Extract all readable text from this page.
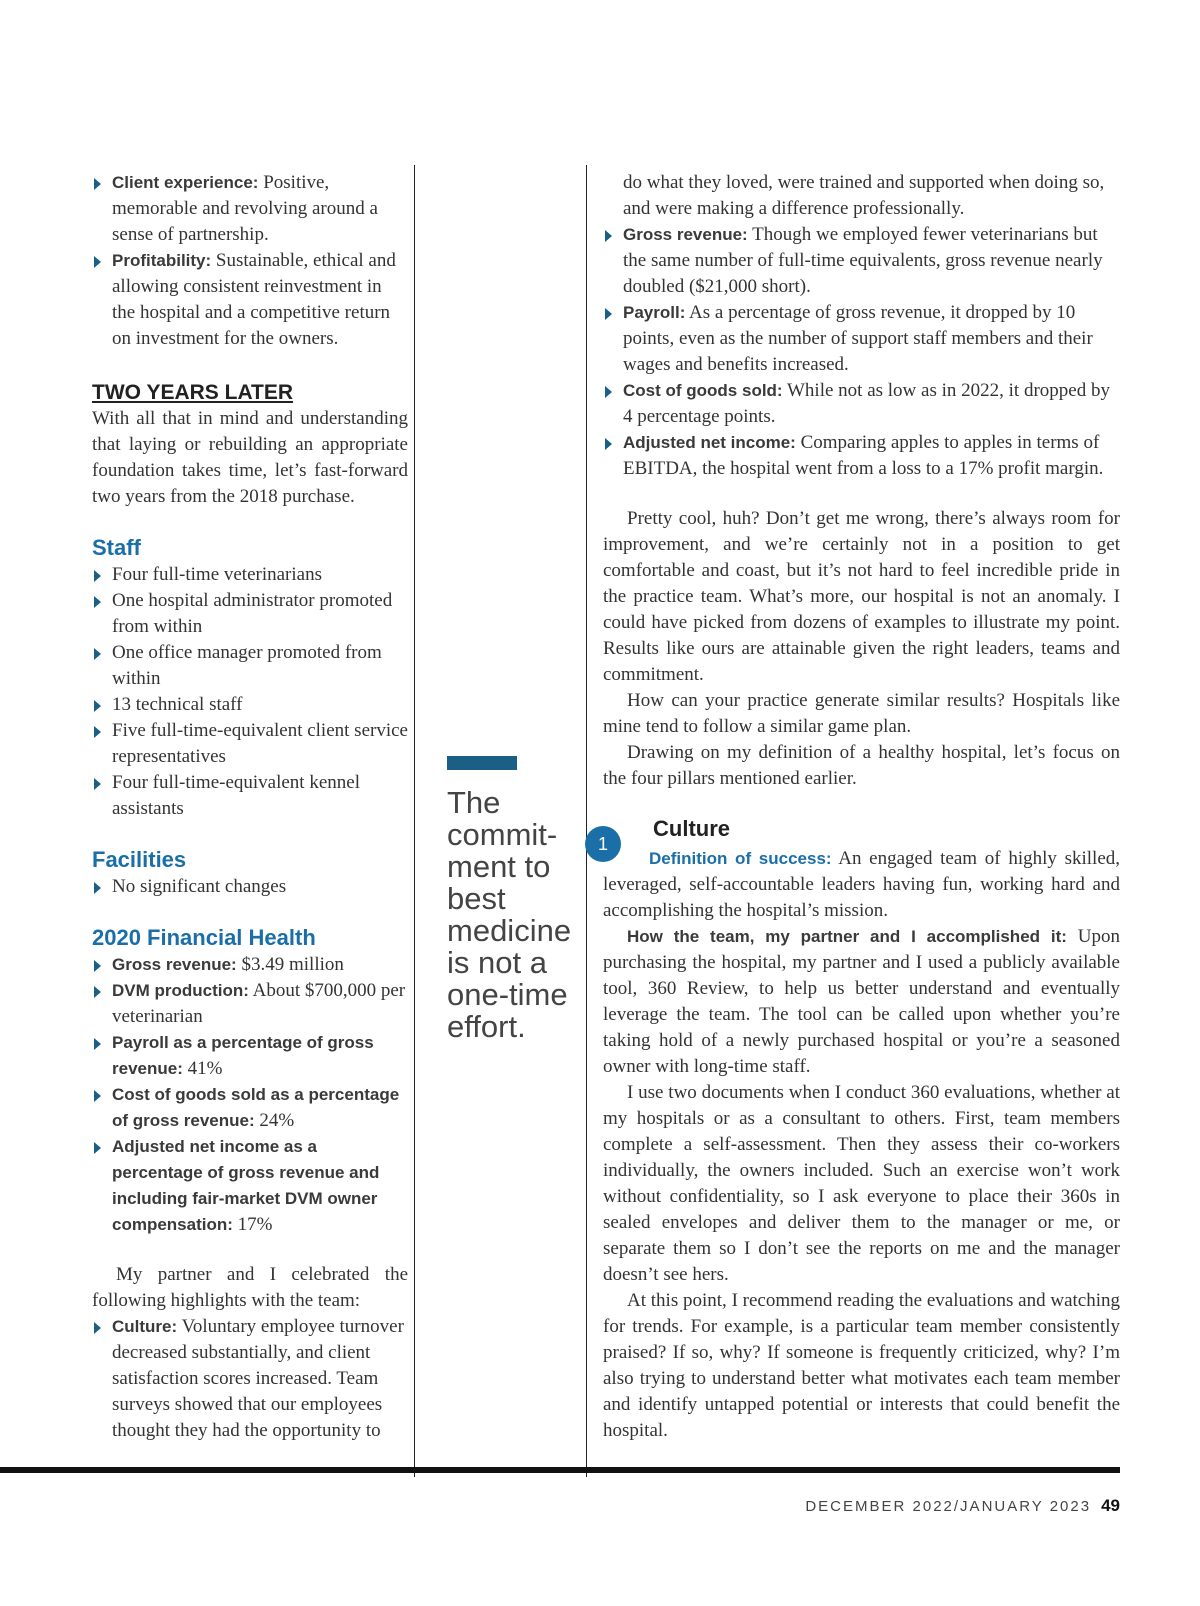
Client experience: Positive, memorable and revolving around a sense of partnership.
Profitability: Sustainable, ethical and allowing consistent reinvestment in the hospital and a competitive return on investment for the owners.
TWO YEARS LATER

With all that in mind and understanding that laying or rebuilding an appropriate foundation takes time, let’s fast-forward two years from the 2018 purchase.

Staff
Four full-time veterinarians
One hospital administrator promoted from within
One office manager promoted from within
13 technical staff
Five full-time-equivalent client service representatives
Four full-time-equivalent kennel assistants
Facilities
No significant changes
2020 Financial Health
Gross revenue: $3.49 million
DVM production: About $700,000 per veterinarian
Payroll as a percentage of gross revenue: 41%
Cost of goods sold as a percentage of gross revenue: 24%
Adjusted net income as a percentage of gross revenue and including fair-market DVM owner compensation: 17%

My partner and I celebrated the following highlights with the team:

Culture: Voluntary employee turnover decreased substantially, and client satisfaction scores increased. Team surveys showed that our employees thought they had the opportunity to
The commit-ment to best medicine is not a one-time effort.

do what they loved, were trained and supported when doing so, and were making a difference professionally.

Gross revenue: Though we employed fewer veterinarians but the same number of full-time equivalents, gross revenue nearly doubled ($21,000 short).
Payroll: As a percentage of gross revenue, it dropped by 10 points, even as the number of support staff members and their wages and benefits increased.
Cost of goods sold: While not as low as in 2022, it dropped by 4 percentage points.
Adjusted net income: Comparing apples to apples in terms of EBITDA, the hospital went from a loss to a 17% profit margin.

Pretty cool, huh? Don’t get me wrong, there’s always room for improvement, and we’re certainly not in a position to get comfortable and coast, but it’s not hard to feel incredible pride in the practice team. What’s more, our hospital is not an anomaly. I could have picked from dozens of examples to illustrate my point. Results like ours are attainable given the right leaders, teams and commitment.

How can your practice generate similar results? Hospitals like mine tend to follow a similar game plan.

Drawing on my definition of a healthy hospital, let’s focus on the four pillars mentioned earlier.

1
Culture

Definition of success: An engaged team of highly skilled, leveraged, self-accountable leaders having fun, working hard and accomplishing the hospital’s mission.

How the team, my partner and I accomplished it: Upon purchasing the hospital, my partner and I used a publicly available tool, 360 Review, to help us better understand and eventually leverage the team. The tool can be called upon whether you’re taking hold of a newly purchased hospital or you’re a seasoned owner with long-time staff.

I use two documents when I conduct 360 evaluations, whether at my hospitals or as a consultant to others. First, team members complete a self-assessment. Then they assess their co-workers individually, the owners included. Such an exercise won’t work without confidentiality, so I ask everyone to place their 360s in sealed envelopes and deliver them to the manager or me, or separate them so I don’t see the reports on me and the manager doesn’t see hers.

At this point, I recommend reading the evaluations and watching for trends. For example, is a particular team member consistently praised? If so, why? If someone is frequently criticized, why? I’m also trying to understand better what motivates each team member and identify untapped potential or interests that could benefit the hospital.

DECEMBER 2022/JANUARY 2023 49
